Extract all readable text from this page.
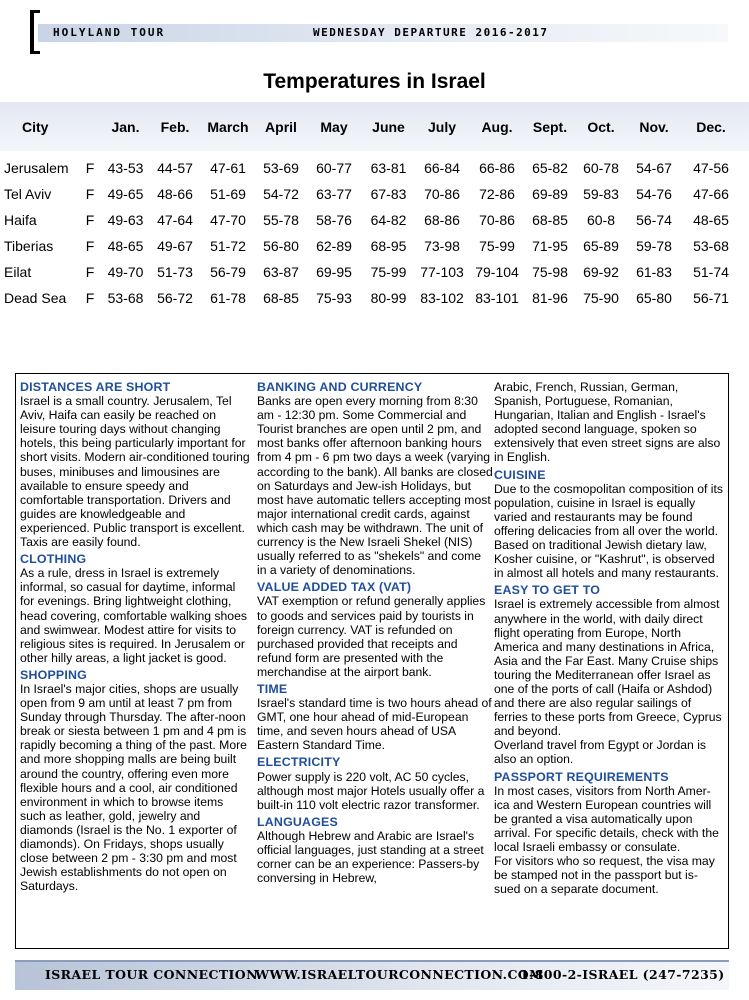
HOLYLAND TOUR	WEDNESDAY DEPARTURE 2016-2017
Temperatures in Israel
City		Jan.	Feb.	March	April	May	June	July	Aug.	Sept.	Oct.	Nov.	Dec.

Jerusalem	F	43-53	44-57	47-61	53-69	60-77	63-81	66-84	66-86	65-82	60-78	54-67	47-56
Tel Aviv	F	49-65	48-66	51-69	54-72	63-77	67-83	70-86	72-86	69-89	59-83	54-76	47-66
Haifa	F	49-63	47-64	47-70	55-78	58-76	64-82	68-86	70-86	68-85	60-8	56-74	48-65
Tiberias	F	48-65	49-67	51-72	56-80	62-89	68-95	73-98	75-99	71-95	65-89	59-78	53-68
Eilat	F	49-70	51-73	56-79	63-87	69-95	75-99	77-103	79-104	75-98	69-92	61-83	51-74
Dead Sea	F	53-68	56-72	61-78	68-85	75-93	80-99	83-102	83-101	81-96	75-90	65-80	56-71
DISTANCES ARE SHORT

Israel is a small country. Jerusalem, Tel Aviv, Haifa can easily be reached on leisure touring days without changing hotels, this being particularly important for short visits. Modern air-conditioned touring buses, minibuses and limousines are available to ensure speedy and comfortable transportation. Drivers and guides are knowledgeable and experienced. Public transport is excellent. Taxis are easily found.

CLOTHING

As a rule, dress in Israel is extremely informal, so casual for daytime, informal for evenings. Bring lightweight clothing, head covering, comfortable walking shoes and swimwear. Modest attire for visits to religious sites is required. In Jerusalem or other hilly areas, a light jacket is good.

SHOPPING

In Israel's major cities, shops are usually open from 9 am until at least 7 pm from Sunday through Thursday. The after-noon break or siesta between 1 pm and 4 pm is rapidly becoming a thing of the past. More and more shopping malls are being built around the country, offering even more flexible hours and a cool, air conditioned environment in which to browse items such as leather, gold, jewelry and diamonds (Israel is the No. 1 exporter of diamonds). On Fridays, shops usually close between 2 pm - 3:30 pm and most Jewish establishments do not open on Saturdays.

BANKING AND CURRENCY

Banks are open every morning from 8:30 am - 12:30 pm. Some Commercial and Tourist branches are open until 2 pm, and most banks offer afternoon banking hours from 4 pm - 6 pm two days a week (varying according to the bank). All banks are closed on Saturdays and Jew-ish Holidays, but most have automatic tellers accepting most major international credit cards, against which cash may be withdrawn. The unit of currency is the New Israeli Shekel (NIS) usually referred to as "shekels" and come in a variety of denominations.

VALUE ADDED TAX (VAT)

VAT exemption or refund generally applies to goods and services paid by tourists in foreign currency. VAT is refunded on purchased provided that receipts and refund form are presented with the merchandise at the airport bank.

TIME

Israel's standard time is two hours ahead of GMT, one hour ahead of mid-European time, and seven hours ahead of USA Eastern Standard Time.

ELECTRICITY

Power supply is 220 volt, AC 50 cycles, although most major Hotels usually offer a built-in 110 volt electric razor transformer.

LANGUAGES

Although Hebrew and Arabic are Israel's official languages, just standing at a street corner can be an experience: Passers-by conversing in Hebrew,

Arabic, French, Russian, German, Spanish, Portuguese, Romanian, Hungarian, Italian and English - Israel's adopted second language, spoken so extensively that even street signs are also in English.

CUISINE

Due to the cosmopolitan composition of its population, cuisine in Israel is equally varied and restaurants may be found offering delicacies from all over the world. Based on traditional Jewish dietary law, Kosher cuisine, or "Kashrut", is observed in almost all hotels and many restaurants.

EASY TO GET TO

Israel is extremely accessible from almost anywhere in the world, with daily direct flight operating from Europe, North America and many destinations in Africa, Asia and the Far East. Many Cruise ships touring the Mediterranean offer Israel as one of the ports of call (Haifa or Ashdod) and there are also regular sailings of ferries to these ports from Greece, Cyprus and beyond.

Overland travel from Egypt or Jordan is also an option.

PASSPORT REQUIREMENTS

In most cases, visitors from North Amer-ica and Western European countries will be granted a visa automatically upon arrival. For specific details, check with the local Israeli embassy or consulate.

For visitors who so request, the visa may be stamped not in the passport but is-sued on a separate document.

ISRAEL TOUR CONNECTION
WWW.ISRAELTOURCONNECTION.COM
1-800-2-ISRAEL (247-7235)
